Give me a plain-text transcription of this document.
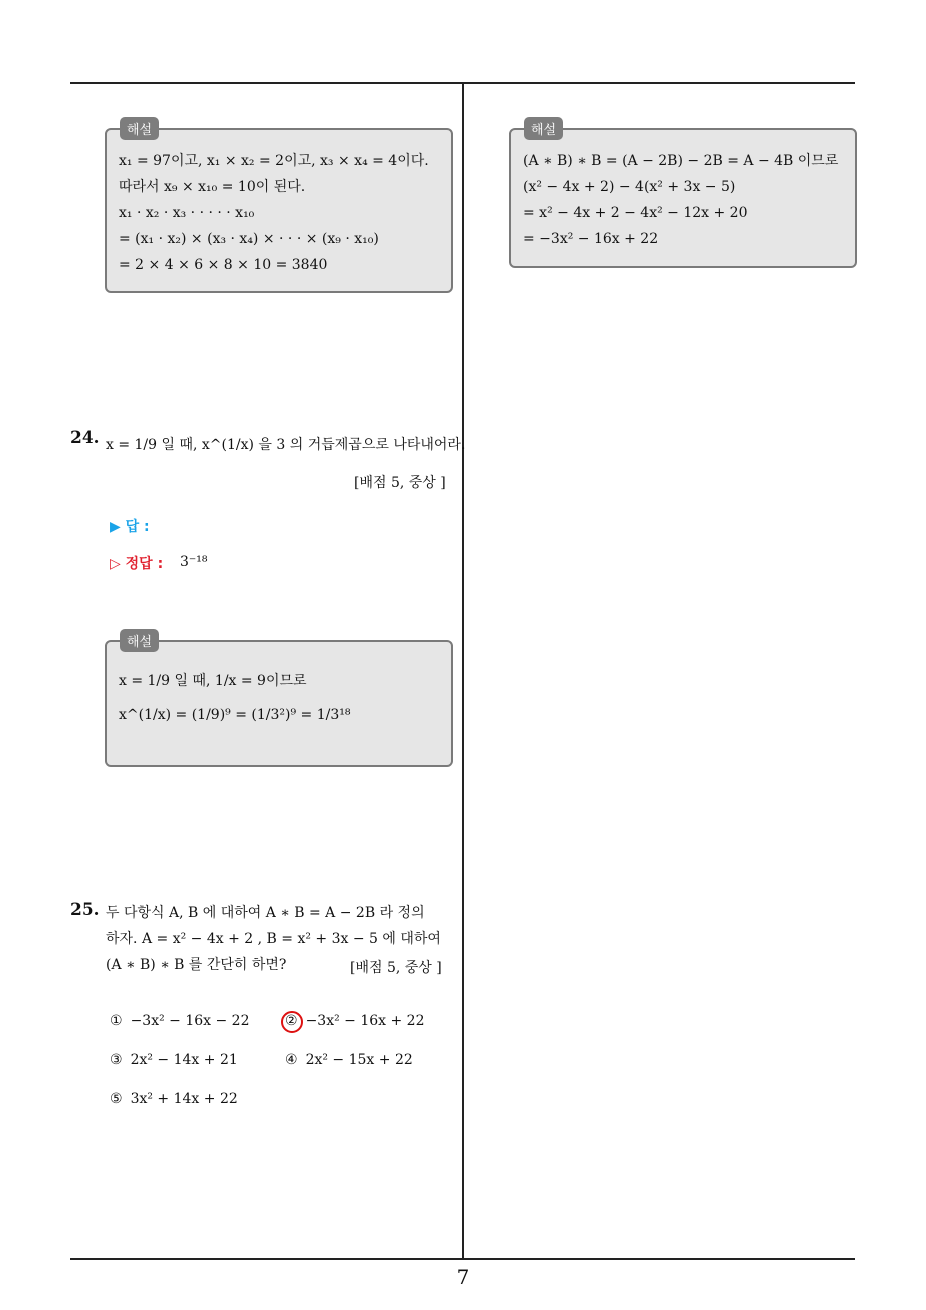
해설
x₁ = 97이고, x₁ × x₂ = 2이고, x₃ × x₄ = 4이다.
따라서 x₉ × x₁₀ = 10이 된다.
x₁ · x₂ · x₃ · · · · · x₁₀
= (x₁ · x₂) × (x₃ · x₄) × · · · × (x₉ · x₁₀)
= 2 × 4 × 6 × 8 × 10 = 3840
24. x = 1/9 일 때, x^(1/x) 을 3 의 거듭제곱으로 나타내어라.
[배점 5, 중상 ]
▶ 답 :
▷ 정답 : 3⁻¹⁸
해설
x = 1/9 일 때, 1/x = 9이므로
x^(1/x) = (1/9)⁹ = (1/3²)⁹ = 1/3¹⁸
25. 두 다항식 A, B 에 대하여 A ∗ B = A − 2B 라 정의
하자. A = x² − 4x + 2 , B = x² + 3x − 5 에 대하여
(A ∗ B) ∗ B 를 간단히 하면?	[배점 5, 중상 ]
① −3x² − 16x − 22	② −3x² − 16x + 22
③ 2x² − 14x + 21	④ 2x² − 15x + 22
⑤ 3x² + 14x + 22
해설
(A ∗ B) ∗ B = (A − 2B) − 2B = A − 4B 이므로
(x² − 4x + 2) − 4(x² + 3x − 5)
= x² − 4x + 2 − 4x² − 12x + 20
= −3x² − 16x + 22
7
